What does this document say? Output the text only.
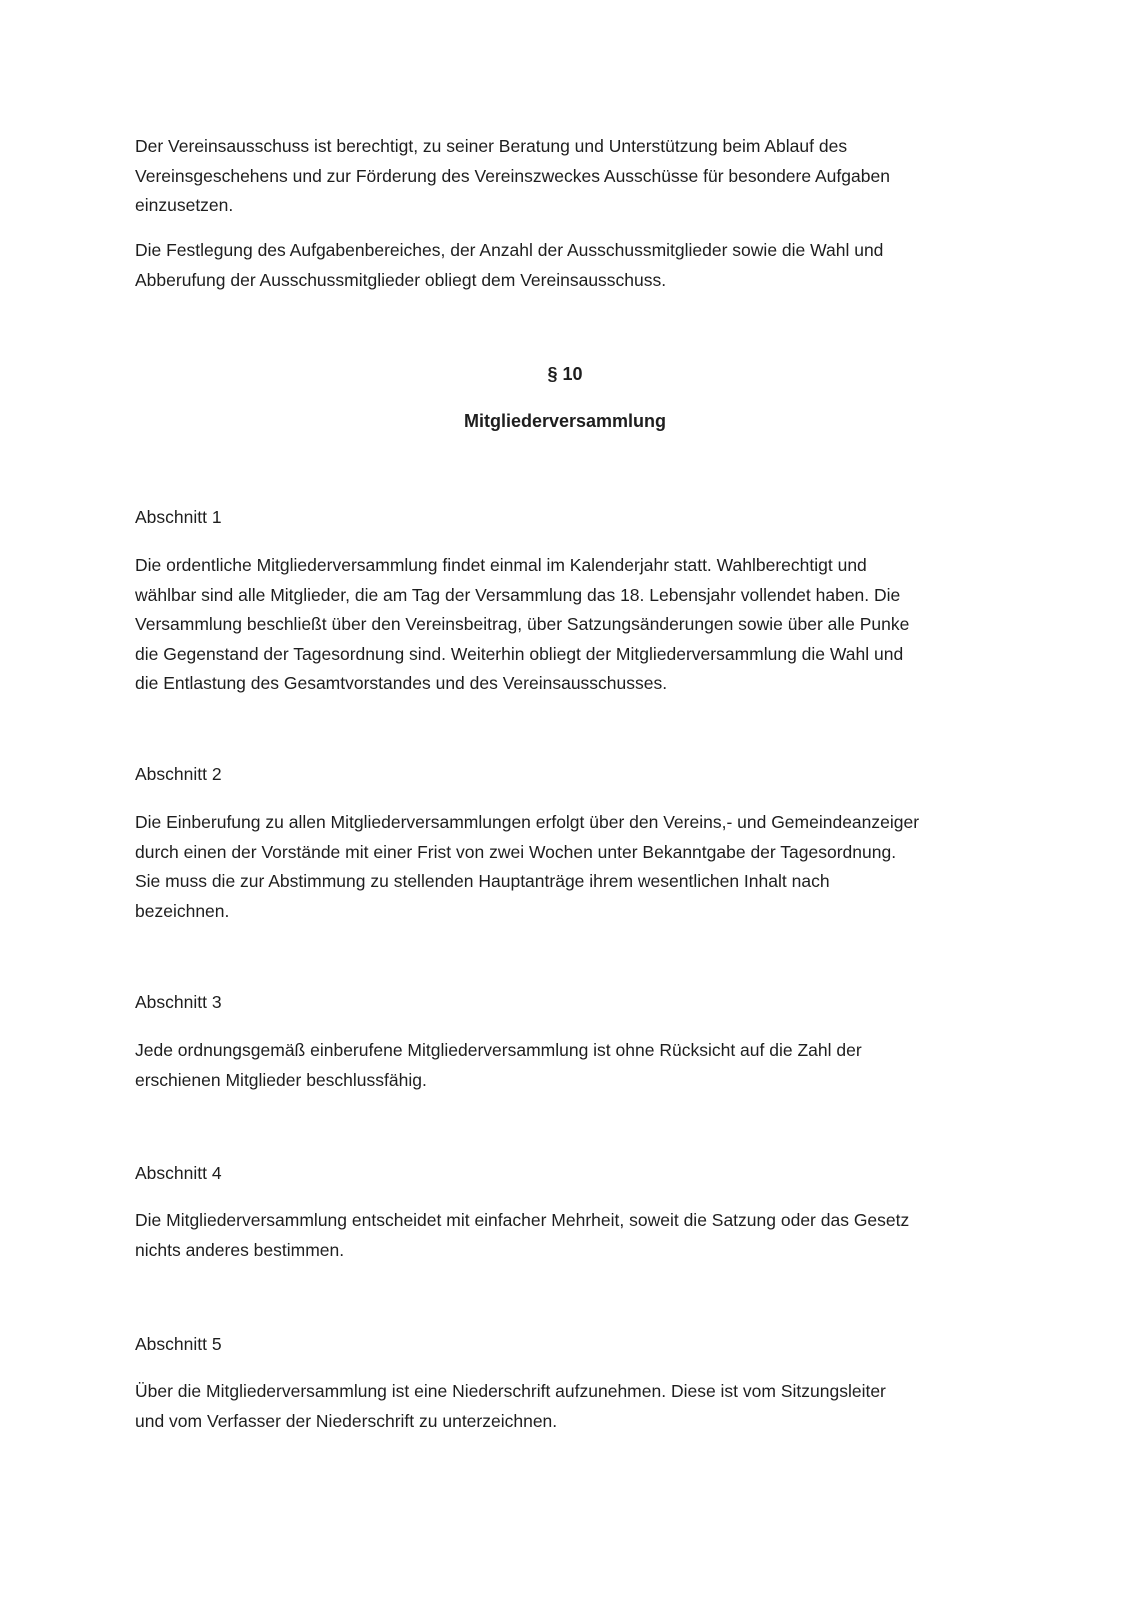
Der Vereinsausschuss ist berechtigt, zu seiner Beratung und Unterstützung beim Ablauf des
Vereinsgeschehens und zur Förderung des Vereinszweckes Ausschüsse für besondere Aufgaben
einzusetzen.

Die Festlegung des Aufgabenbereiches, der Anzahl der Ausschussmitglieder sowie die Wahl und
Abberufung der Ausschussmitglieder obliegt dem Vereinsausschuss.

§ 10

Mitgliederversammlung

Abschnitt 1

Die ordentliche Mitgliederversammlung findet einmal im Kalenderjahr statt. Wahlberechtigt und
wählbar sind alle Mitglieder, die am Tag der Versammlung das 18. Lebensjahr vollendet haben. Die
Versammlung beschließt über den Vereinsbeitrag, über Satzungsänderungen sowie über alle Punke
die Gegenstand der Tagesordnung sind. Weiterhin obliegt der Mitgliederversammlung die Wahl und
die Entlastung des Gesamtvorstandes und des Vereinsausschusses.

Abschnitt 2

Die Einberufung zu allen Mitgliederversammlungen erfolgt über den Vereins,- und Gemeindeanzeiger
durch einen der Vorstände mit einer Frist von zwei Wochen unter Bekanntgabe der Tagesordnung.
Sie muss die zur Abstimmung zu stellenden Hauptanträge ihrem wesentlichen Inhalt nach
bezeichnen.

Abschnitt 3

Jede ordnungsgemäß einberufene Mitgliederversammlung ist ohne Rücksicht auf die Zahl der
erschienen Mitglieder beschlussfähig.

Abschnitt 4

Die Mitgliederversammlung entscheidet mit einfacher Mehrheit, soweit die Satzung oder das Gesetz
nichts anderes bestimmen.

Abschnitt 5

Über die Mitgliederversammlung ist eine Niederschrift aufzunehmen. Diese ist vom Sitzungsleiter
und vom Verfasser der Niederschrift zu unterzeichnen.
